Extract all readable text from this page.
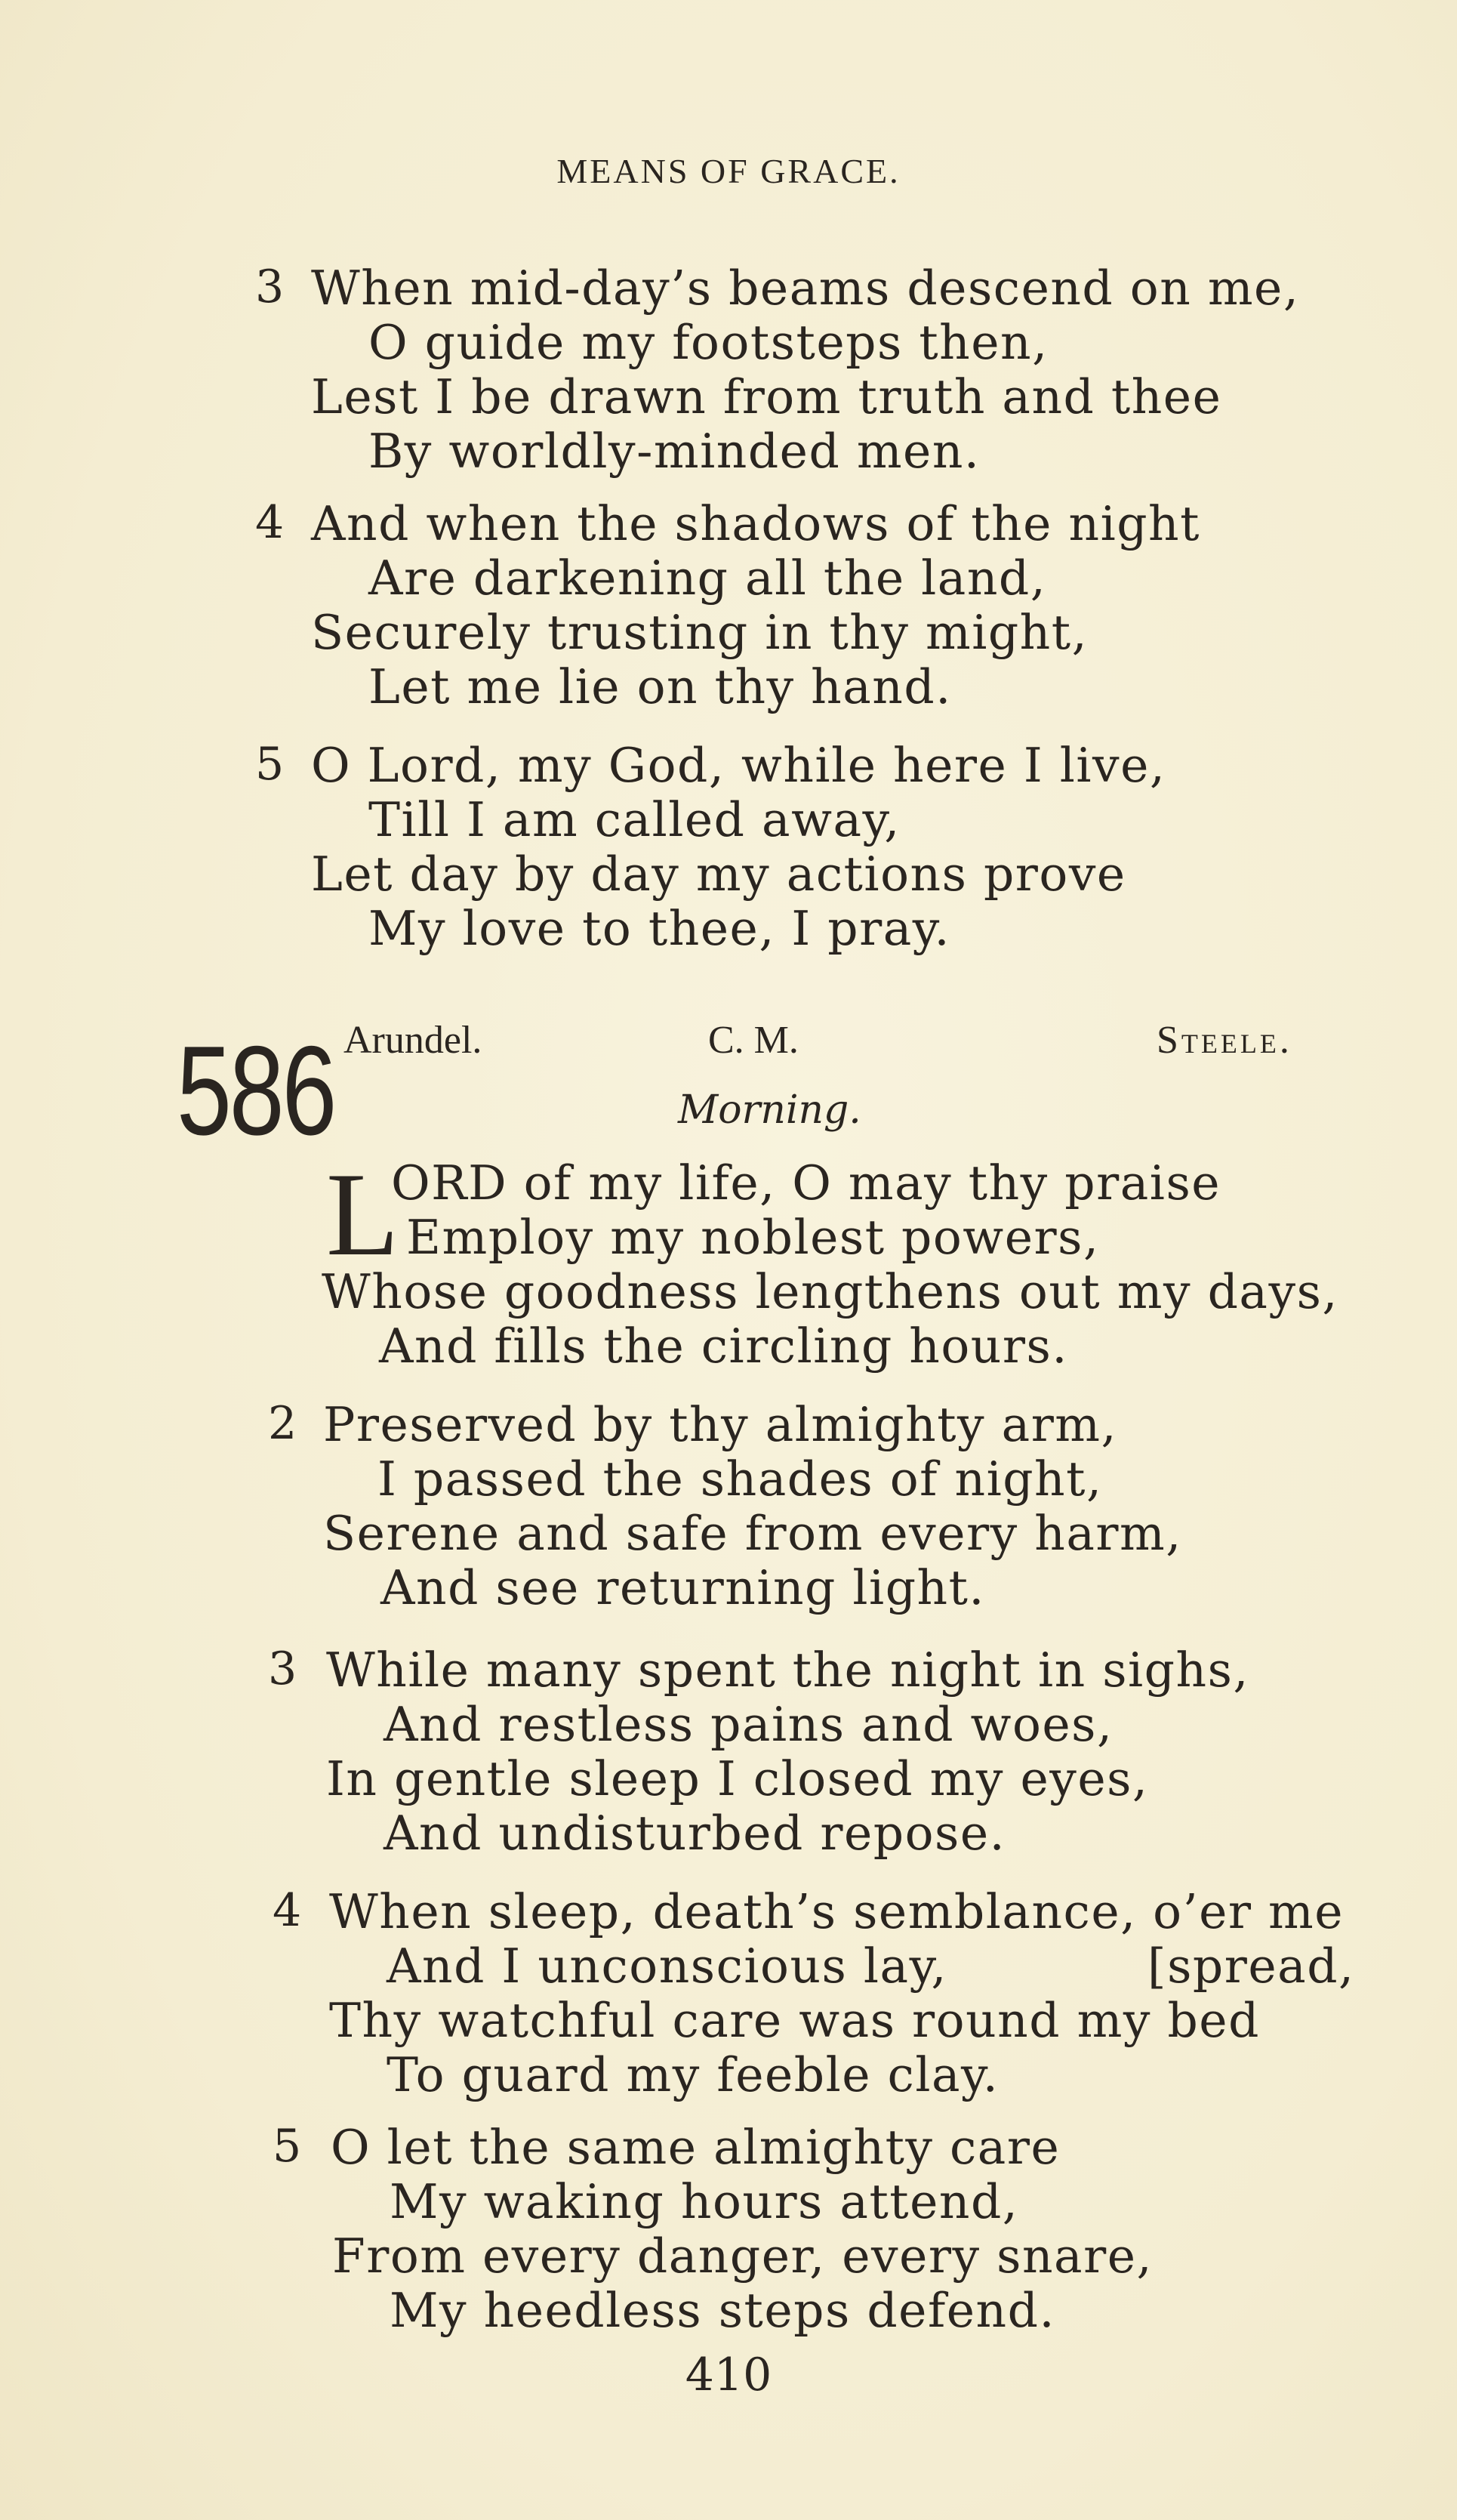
MEANS OF GRACE.
3 When mid-day’s beams descend on me,
O guide my footsteps then,
Lest I be drawn from truth and thee
By worldly-minded men.
4 And when the shadows of the night
Are darkening all the land,
Securely trusting in thy might,
Let me lie on thy hand.
5 O Lord, my God, while here I live,
Till I am called away,
Let day by day my actions prove
My love to thee, I pray.
586 Arundel.	C. M.	Steele.
Morning.
L
ORD of my life, O may thy praise
Employ my noblest powers,
Whose goodness lengthens out my days,
And fills the circling hours.
2 Preserved by thy almighty arm,
I passed the shades of night,
Serene and safe from every harm,
And see returning light.
3 While many spent the night in sighs,
And restless pains and woes,
In gentle sleep I closed my eyes,
And undisturbed repose.
4 When sleep, death’s semblance, o’er me
And I unconscious lay,	[spread,
Thy watchful care was round my bed
To guard my feeble clay.
5 O let the same almighty care
My waking hours attend,
From every danger, every snare,
My heedless steps defend.
410
